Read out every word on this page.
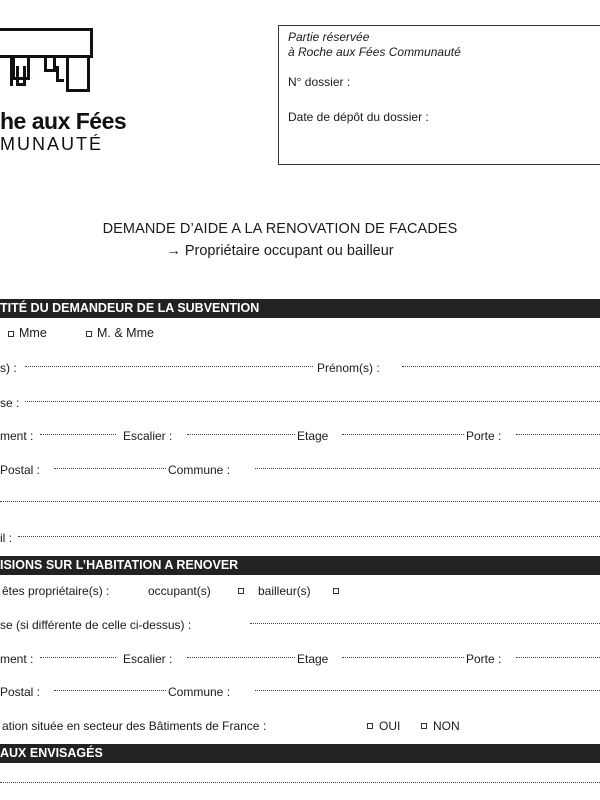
he aux Fées
MUNAUTÉ
Partie réservée
à Roche aux Fées Communauté
N° dossier :
Date de dépôt du dossier :
DEMANDE D’AIDE A LA RENOVATION DE FACADES
→ Propriétaire occupant ou bailleur
TITÉ DU DEMANDEUR DE LA SUBVENTION
Mme	M. & Mme
s) :	Prénom(s) :
se :
ment :	Escalier :	Etage	Porte :
Postal :	Commune :
il :
ISIONS SUR L’HABITATION A RENOVER
êtes propriétaire(s) :	occupant(s)	bailleur(s)
se (si différente de celle ci-dessus) :
ment :	Escalier :	Etage	Porte :
Postal :	Commune :
ation située en secteur des Bâtiments de France :	OUI	NON
AUX ENVISAGÉS
